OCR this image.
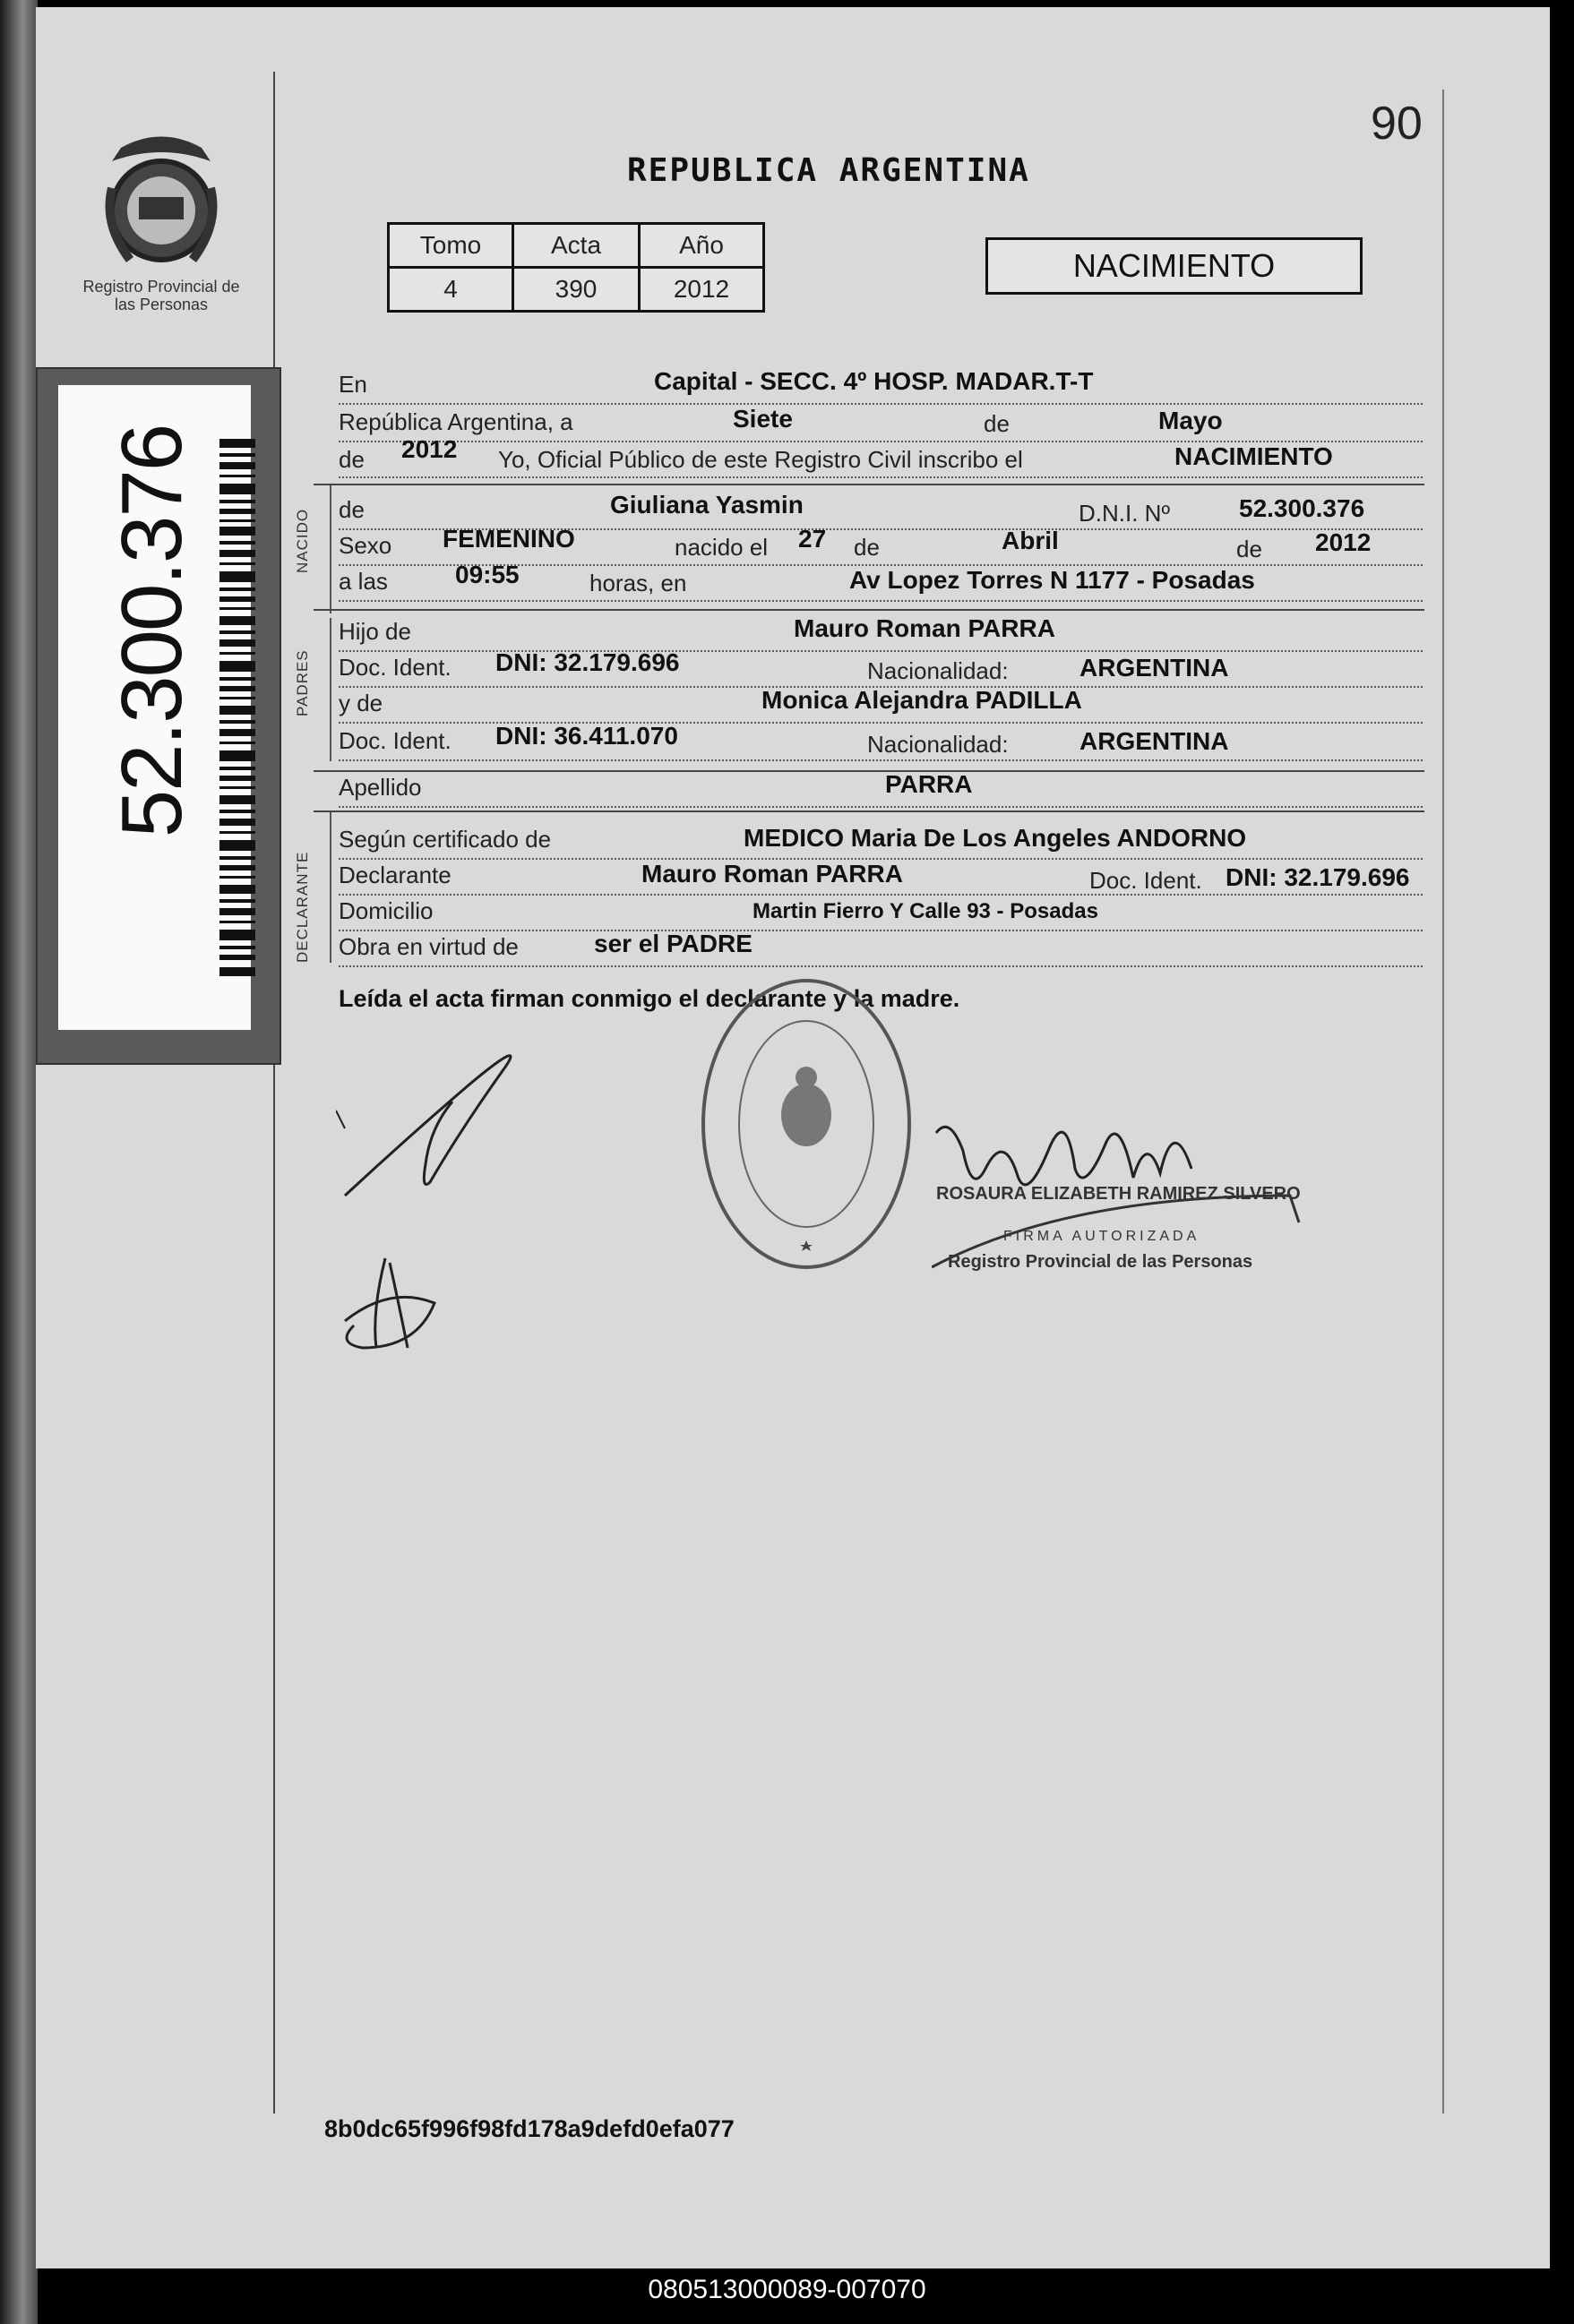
Registro Provincial de las Personas
52.300.376
90
REPUBLICA ARGENTINA
Tomo	Acta	Año
4	390	2012
NACIMIENTO
NACIDO
PADRES
DECLARANTE
En	Capital - SECC. 4º HOSP. MADAR.T-T
República Argentina, a	Siete	de	Mayo
de 2012 Yo, Oficial Público de este Registro Civil inscribo el	NACIMIENTO
de	Giuliana Yasmin	D.N.I. Nº	52.300.376
Sexo FEMENINO	nacido el 27 de	Abril	de 2012
a las	09:55	horas, en	Av Lopez Torres N 1177 - Posadas
Hijo de	Mauro Roman PARRA
Doc. Ident. DNI: 32.179.696	Nacionalidad:	ARGENTINA
y de	Monica Alejandra PADILLA
Doc. Ident. DNI: 36.411.070	Nacionalidad:	ARGENTINA
Apellido	PARRA
Según certificado de	MEDICO Maria De Los Angeles ANDORNO
Declarante	Mauro Roman PARRA	Doc. Ident. DNI: 32.179.696
Domicilio	Martin Fierro Y Calle 93 - Posadas
Obra en virtud de	ser el PADRE
Leída el acta firman conmigo el declarante y la madre.
ROSAURA ELIZABETH RAMIREZ SILVERO
FIRMA AUTORIZADA
Registro Provincial de las Personas
8b0dc65f996f98fd178a9defd0efa077
080513000089-007070
